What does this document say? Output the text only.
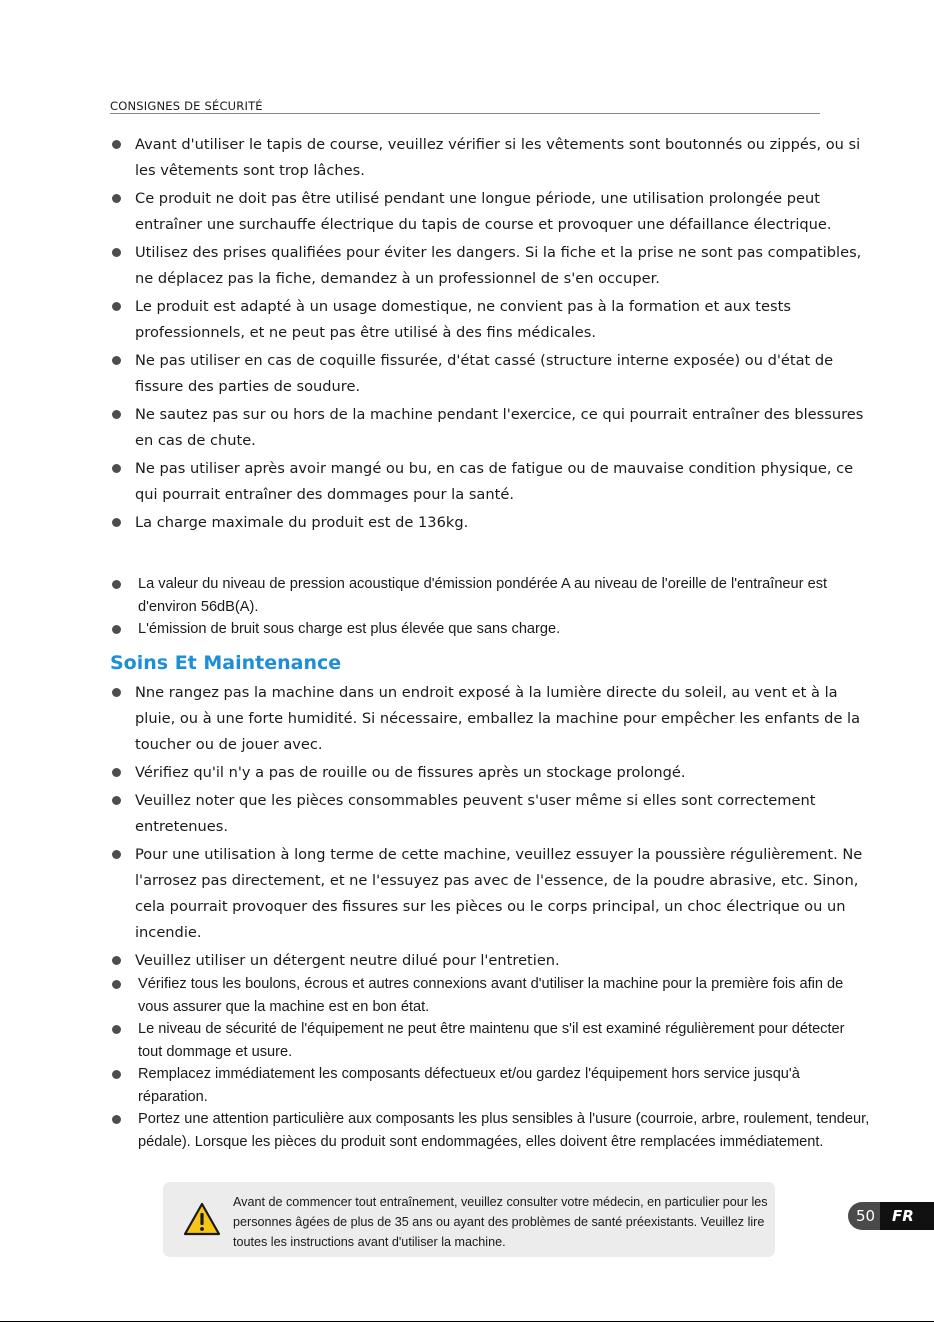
CONSIGNES DE SÉCURITÉ
Avant d'utiliser le tapis de course, veuillez vérifier si les vêtements sont boutonnés ou zippés, ou si les vêtements sont trop lâches.
Ce produit ne doit pas être utilisé pendant une longue période, une utilisation prolongée peut entraîner une surchauffe électrique du tapis de course et provoquer une défaillance électrique.
Utilisez des prises qualifiées pour éviter les dangers. Si la fiche et la prise ne sont pas compatibles, ne déplacez pas la fiche, demandez à un professionnel de s'en occuper.
Le produit est adapté à un usage domestique, ne convient pas à la formation et aux tests professionnels, et ne peut pas être utilisé à des fins médicales.
Ne pas utiliser en cas de coquille fissurée, d'état cassé (structure interne exposée) ou d'état de fissure des parties de soudure.
Ne sautez pas sur ou hors de la machine pendant l'exercice, ce qui pourrait entraîner des blessures en cas de chute.
Ne pas utiliser après avoir mangé ou bu, en cas de fatigue ou de mauvaise condition physique, ce qui pourrait entraîner des dommages pour la santé.
La charge maximale du produit est de 136kg.
La valeur du niveau de pression acoustique d'émission pondérée A au niveau de l'oreille de l'entraîneur est d'environ 56dB(A).
L'émission de bruit sous charge est plus élevée que sans charge.
Soins Et Maintenance
Nne rangez pas la machine dans un endroit exposé à la lumière directe du soleil, au vent et à la pluie, ou à une forte humidité. Si nécessaire, emballez la machine pour empêcher les enfants de la toucher ou de jouer avec.
Vérifiez qu'il n'y a pas de rouille ou de fissures après un stockage prolongé.
Veuillez noter que les pièces consommables peuvent s'user même si elles sont correctement entretenues.
Pour une utilisation à long terme de cette machine, veuillez essuyer la poussière régulièrement. Ne l'arrosez pas directement, et ne l'essuyez pas avec de l'essence, de la poudre abrasive, etc. Sinon, cela pourrait provoquer des fissures sur les pièces ou le corps principal, un choc électrique ou un incendie.
Veuillez utiliser un détergent neutre dilué pour l'entretien.
Vérifiez tous les boulons, écrous et autres connexions avant d'utiliser la machine pour la première fois afin de vous assurer que la machine est en bon état.
Le niveau de sécurité de l'équipement ne peut être maintenu que s'il est examiné régulièrement pour détecter tout dommage et usure.
Remplacez immédiatement les composants défectueux et/ou gardez l'équipement hors service jusqu'à réparation.
Portez une attention particulière aux composants les plus sensibles à l'usure (courroie, arbre, roulement, tendeur, pédale). Lorsque les pièces du produit sont endommagées, elles doivent être remplacées immédiatement.
Avant de commencer tout entraînement, veuillez consulter votre médecin, en particulier pour les personnes âgées de plus de 35 ans ou ayant des problèmes de santé préexistants. Veuillez lire toutes les instructions avant d'utiliser la machine.
50	FR
